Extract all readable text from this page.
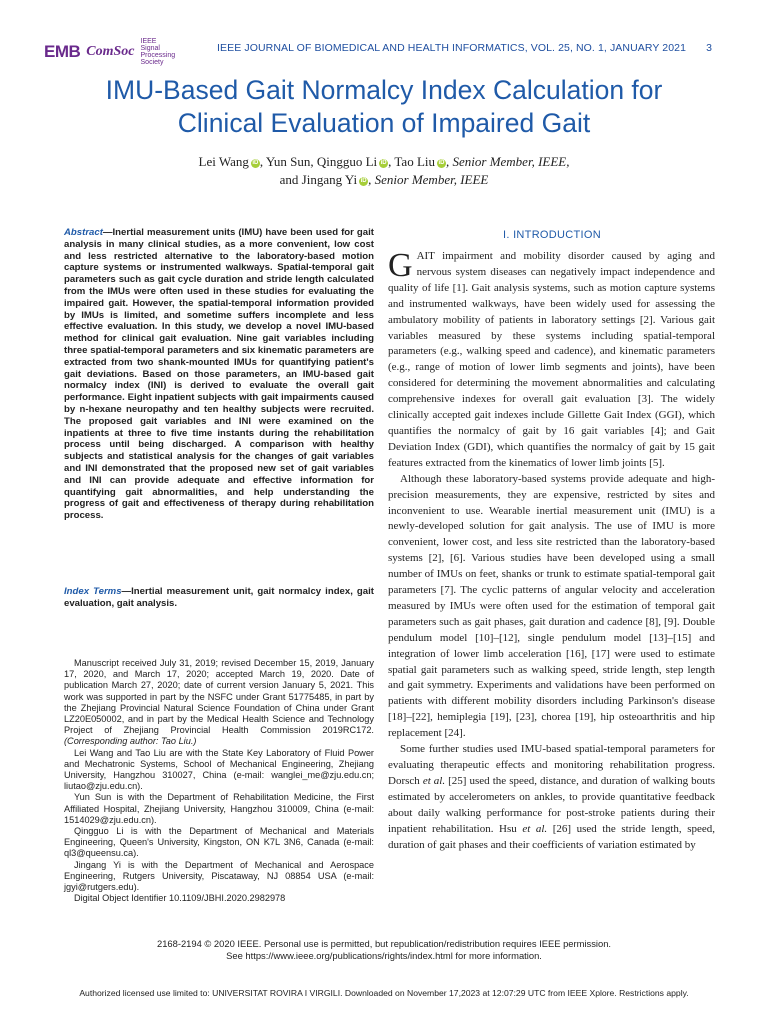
EMB ComSoc
IEEE Signal Processing Society
IEEE JOURNAL OF BIOMEDICAL AND HEALTH INFORMATICS, VOL. 25, NO. 1, JANUARY 2021 3
IMU-Based Gait Normalcy Index Calculation for
Clinical Evaluation of Impaired Gait
Lei Wang iD , Yun Sun, Qingguo Li iD , Tao Liu iD , Senior Member, IEEE,
and Jingang Yi iD , Senior Member, IEEE
Abstract—Inertial measurement units (IMU) have been used for gait analysis in many clinical studies, as a more convenient, low cost and less restricted alternative to the laboratory-based motion capture systems or instrumented walkways. Spatial-temporal gait parameters such as gait cycle duration and stride length calculated from the IMUs were often used in these studies for evaluating the impaired gait. However, the spatial-temporal information provided by IMUs is limited, and sometime suffers incomplete and less effective evaluation. In this study, we develop a novel IMU-based method for clinical gait evaluation. Nine gait variables including three spatial-temporal parameters and six kinematic parameters are extracted from two shank-mounted IMUs for quantifying patient's gait deviations. Based on those parameters, an IMU-based gait normalcy index (INI) is derived to evaluate the overall gait performance. Eight inpatient subjects with gait impairments caused by n-hexane neuropathy and ten healthy subjects were recruited. The proposed gait variables and INI were examined on the inpatients at three to five time instants during the rehabilitation process until being discharged. A comparison with healthy subjects and statistical analysis for the changes of gait variables and INI demonstrated that the proposed new set of gait variables and INI can provide adequate and effective information for quantifying gait abnormalities, and help understanding the progress of gait and effectiveness of therapy during rehabilitation process.
Index Terms—Inertial measurement unit, gait normalcy index, gait evaluation, gait analysis.

Manuscript received July 31, 2019; revised December 15, 2019, January 17, 2020, and March 17, 2020; accepted March 19, 2020. Date of publication March 27, 2020; date of current version January 5, 2021. This work was supported in part by the NSFC under Grant 51775485, in part by the Zhejiang Provincial Natural Science Foundation of China under Grant LZ20E050002, and in part by the Medical Health Science and Technology Project of Zhejiang Provincial Health Commission 2019RC172. (Corresponding author: Tao Liu.)

Lei Wang and Tao Liu are with the State Key Laboratory of Fluid Power and Mechatronic Systems, School of Mechanical Engineering, Zhejiang University, Hangzhou 310027, China (e-mail: wanglei_me@zju.edu.cn; liutao@zju.edu.cn).

Yun Sun is with the Department of Rehabilitation Medicine, the First Affiliated Hospital, Zhejiang University, Hangzhou 310009, China (e-mail: 1514029@zju.edu.cn).

Qingguo Li is with the Department of Mechanical and Materials Engineering, Queen's University, Kingston, ON K7L 3N6, Canada (e-mail: ql3@queensu.ca).

Jingang Yi is with the Department of Mechanical and Aerospace Engineering, Rutgers University, Piscataway, NJ 08854 USA (e-mail: jgyi@rutgers.edu).

Digital Object Identifier 10.1109/JBHI.2020.2982978

I. INTRODUCTION

GAIT impairment and mobility disorder caused by aging and nervous system diseases can negatively impact independence and quality of life [1]. Gait analysis systems, such as motion capture systems and instrumented walkways, have been widely used for assessing the ambulatory mobility of patients in laboratory settings [2]. Various gait variables measured by these systems including spatial-temporal parameters (e.g., walking speed and cadence), and kinematic parameters (e.g., range of motion of lower limb segments and joints), have been considered for determining the movement abnormalities and calculating comprehensive indexes for overall gait evaluation [3]. The widely clinically accepted gait indexes include Gillette Gait Index (GGI), which quantifies the normalcy of gait by 16 gait variables [4]; and Gait Deviation Index (GDI), which quantifies the normalcy of gait by 15 gait features extracted from the kinematics of lower limb joints [5].

Although these laboratory-based systems provide adequate and high-precision measurements, they are expensive, restricted by sites and inconvenient to use. Wearable inertial measurement unit (IMU) is a newly-developed solution for gait analysis. The use of IMU is more convenient, lower cost, and less site restricted than the laboratory-based systems [2], [6]. Various studies have been developed using a small number of IMUs on feet, shanks or trunk to estimate spatial-temporal gait parameters [7]. The cyclic patterns of angular velocity and acceleration measured by IMUs were often used for the estimation of temporal gait parameters such as gait phases, gait duration and cadence [8], [9]. Double pendulum model [10]–[12], single pendulum model [13]–[15] and integration of lower limb acceleration [16], [17] were used to estimate spatial gait parameters such as walking speed, stride length, step length and gait symmetry. Experiments and validations have been performed on patients with different mobility disorders including Parkinson's disease [18]–[22], hemiplegia [19], [23], chorea [19], hip osteoarthritis and hip replacement [24].

Some further studies used IMU-based spatial-temporal parameters for evaluating therapeutic effects and monitoring rehabilitation progress. Dorsch et al. [25] used the speed, distance, and duration of walking bouts estimated by accelerometers on ankles, to provide quantitative feedback about daily walking performance for post-stroke patients during their inpatient rehabilitation. Hsu et al. [26] used the stride length, speed, duration of gait phases and their coefficients of variation estimated by

2168-2194 © 2020 IEEE. Personal use is permitted, but republication/redistribution requires IEEE permission.
See https://www.ieee.org/publications/rights/index.html for more information.
Authorized licensed use limited to: UNIVERSITAT ROVIRA I VIRGILI. Downloaded on November 17,2023 at 12:07:29 UTC from IEEE Xplore. Restrictions apply.
